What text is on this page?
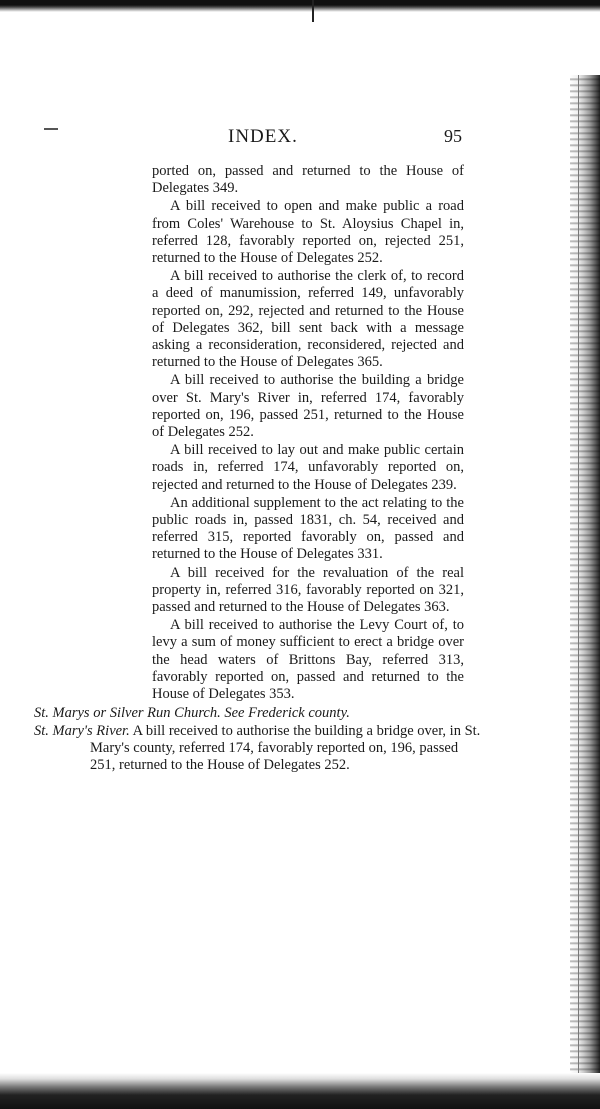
INDEX.	95

ported on, passed and returned to the House of Delegates 349.

A bill received to open and make public a road from Coles' Warehouse to St. Aloysius Chapel in, referred 128, favorably reported on, rejected 251, returned to the House of Delegates 252.

A bill received to authorise the clerk of, to record a deed of manumission, referred 149, unfavorably reported on, 292, rejected and returned to the House of Delegates 362, bill sent back with a message asking a reconsideration, reconsidered, rejected and returned to the House of Delegates 365.

A bill received to authorise the building a bridge over St. Mary's River in, referred 174, favorably reported on, 196, passed 251, returned to the House of Delegates 252.

A bill received to lay out and make public certain roads in, referred 174, unfavorably reported on, rejected and returned to the House of Delegates 239.

An additional supplement to the act relating to the public roads in, passed 1831, ch. 54, received and referred 315, reported favorably on, passed and returned to the House of Delegates 331.

A bill received for the revaluation of the real property in, referred 316, favorably reported on 321, passed and returned to the House of Delegates 363.

A bill received to authorise the Levy Court of, to levy a sum of money sufficient to erect a bridge over the head waters of Brittons Bay, referred 313, favorably reported on, passed and returned to the House of Delegates 353.

St. Marys or Silver Run Church. See Frederick county.

St. Mary's River. A bill received to authorise the building a bridge over, in St. Mary's county, referred 174, favorably reported on, 196, passed 251, returned to the House of Delegates 252.
